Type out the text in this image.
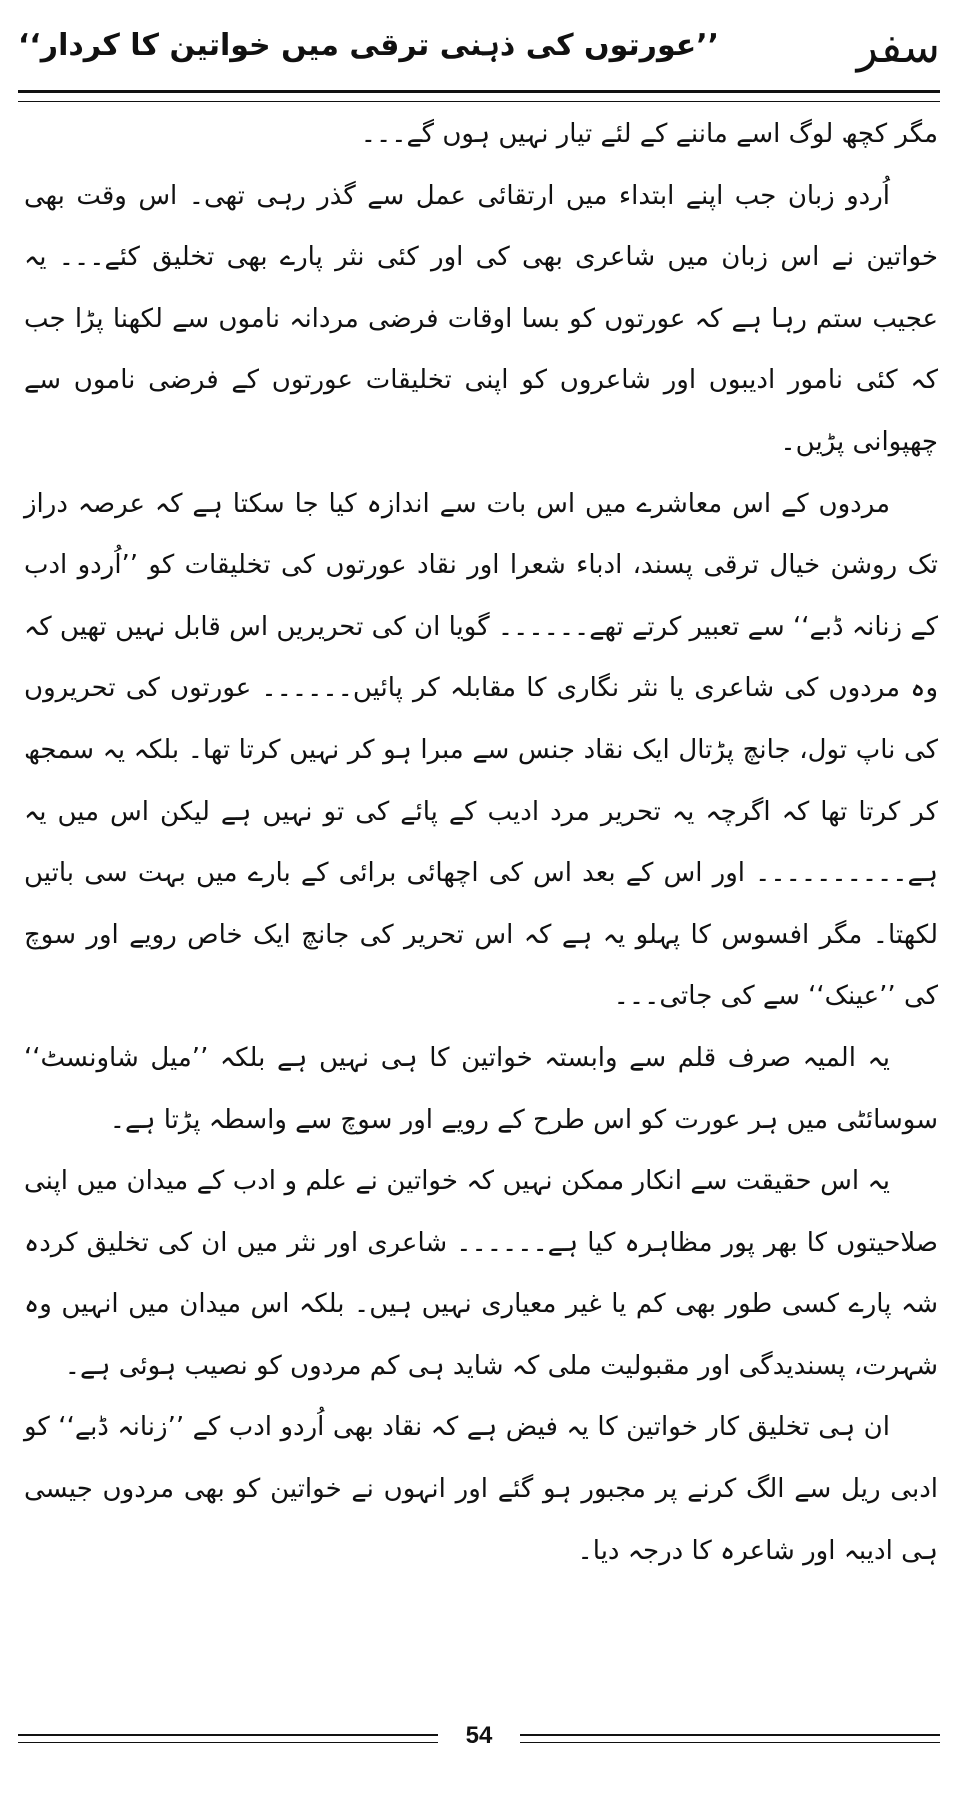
’’عورتوں کی ذہنی ترقی میں خواتین کا کردار‘‘	سفر

مگر کچھ لوگ اسے ماننے کے لئے تیار نہیں ہوں گے۔۔۔

اُردو زبان جب اپنے ابتداء میں ارتقائی عمل سے گذر رہی تھی۔ اس وقت بھی خواتین نے اس زبان میں شاعری بھی کی اور کئی نثر پارے بھی تخلیق کئے۔۔۔ یہ عجیب ستم رہا ہے کہ عورتوں کو بسا اوقات فرضی مردانہ ناموں سے لکھنا پڑا جب کہ کئی نامور ادیبوں اور شاعروں کو اپنی تخلیقات عورتوں کے فرضی ناموں سے چھپوانی پڑیں۔

مردوں کے اس معاشرے میں اس بات سے اندازہ کیا جا سکتا ہے کہ عرصہ دراز تک روشن خیال ترقی پسند، ادباء شعرا اور نقاد عورتوں کی تخلیقات کو ’’اُردو ادب کے زنانہ ڈبے‘‘ سے تعبیر کرتے تھے۔۔۔۔۔۔ گویا ان کی تحریریں اس قابل نہیں تھیں کہ وہ مردوں کی شاعری یا نثر نگاری کا مقابلہ کر پائیں۔۔۔۔۔۔ عورتوں کی تحریروں کی ناپ تول، جانچ پڑتال ایک نقاد جنس سے مبرا ہو کر نہیں کرتا تھا۔ بلکہ یہ سمجھ کر کرتا تھا کہ اگرچہ یہ تحریر مرد ادیب کے پائے کی تو نہیں ہے لیکن اس میں یہ ہے۔۔۔۔۔۔۔۔۔۔ اور اس کے بعد اس کی اچھائی برائی کے بارے میں بہت سی باتیں لکھتا۔ مگر افسوس کا پہلو یہ ہے کہ اس تحریر کی جانچ ایک خاص رویے اور سوچ کی ’’عینک‘‘ سے کی جاتی۔۔۔

یہ المیہ صرف قلم سے وابستہ خواتین کا ہی نہیں ہے بلکہ ’’میل شاونسٹ‘‘ سوسائٹی میں ہر عورت کو اس طرح کے رویے اور سوچ سے واسطہ پڑتا ہے۔

یہ اس حقیقت سے انکار ممکن نہیں کہ خواتین نے علم و ادب کے میدان میں اپنی صلاحیتوں کا بھر پور مظاہرہ کیا ہے۔۔۔۔۔۔ شاعری اور نثر میں ان کی تخلیق کردہ شہ پارے کسی طور بھی کم یا غیر معیاری نہیں ہیں۔ بلکہ اس میدان میں انہیں وہ شہرت، پسندیدگی اور مقبولیت ملی کہ شاید ہی کم مردوں کو نصیب ہوئی ہے۔

ان ہی تخلیق کار خواتین کا یہ فیض ہے کہ نقاد بھی اُردو ادب کے ’’زنانہ ڈبے‘‘ کو ادبی ریل سے الگ کرنے پر مجبور ہو گئے اور انہوں نے خواتین کو بھی مردوں جیسی ہی ادیبہ اور شاعرہ کا درجہ دیا۔

54
